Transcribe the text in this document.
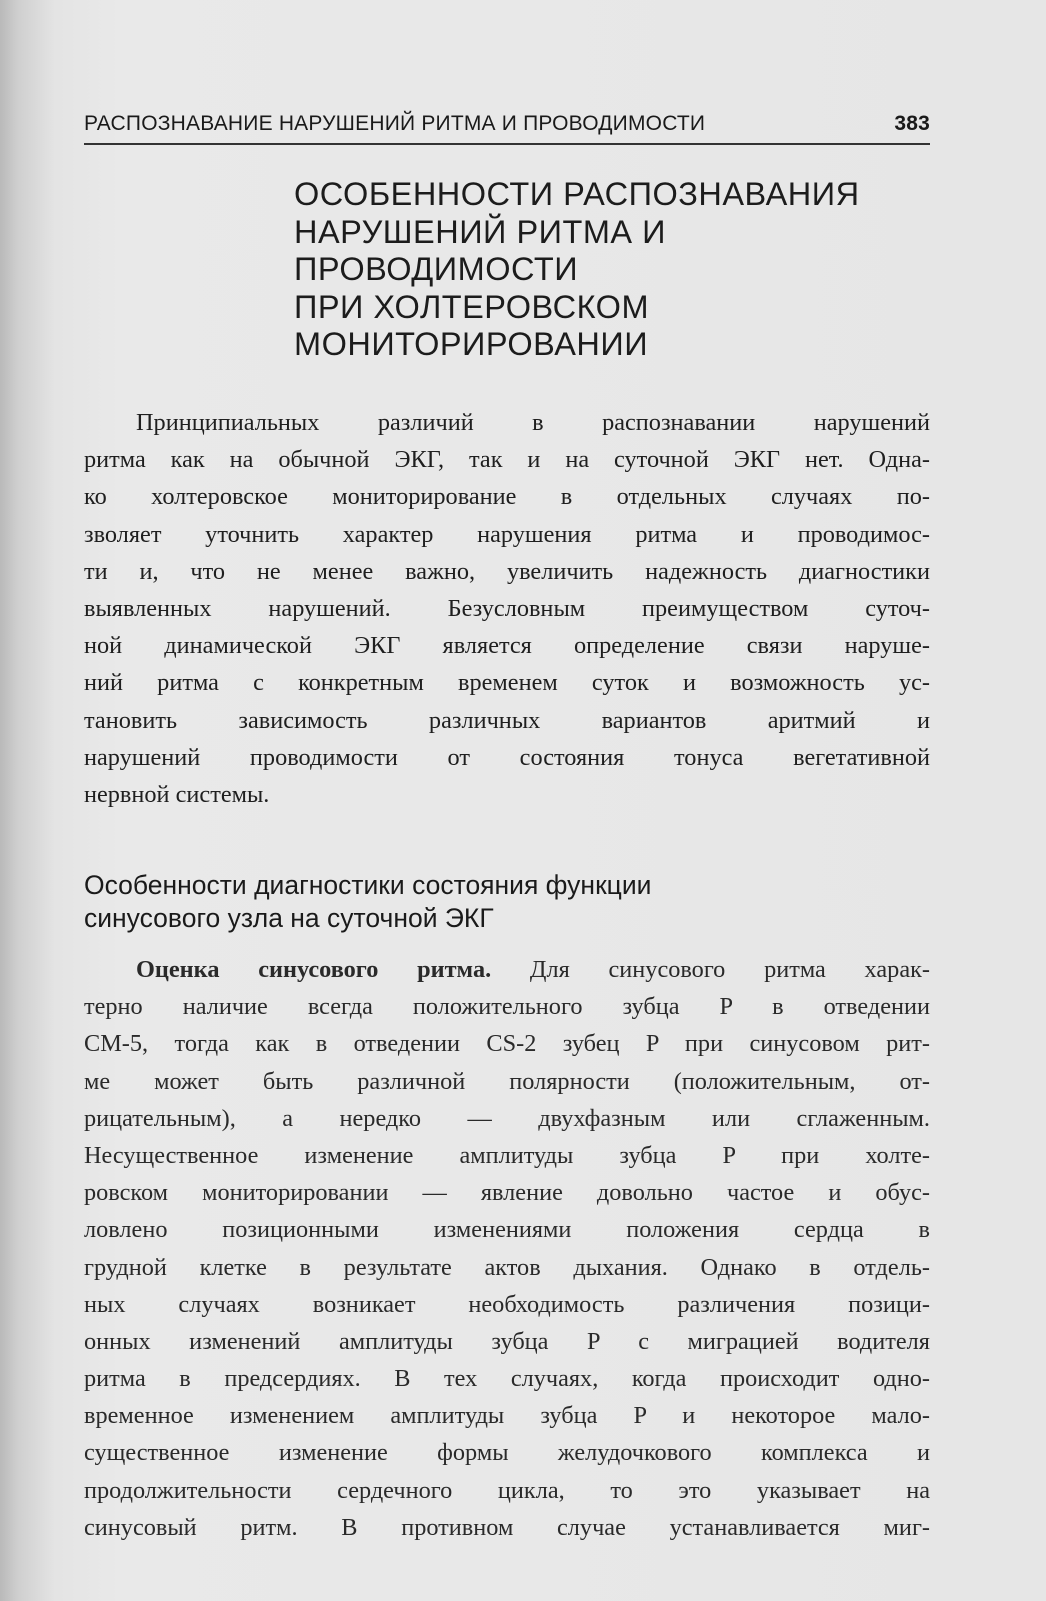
РАСПОЗНАВАНИЕ НАРУШЕНИЙ РИТМА И ПРОВОДИМОСТИ	383
ОСОБЕННОСТИ РАСПОЗНАВАНИЯ
НАРУШЕНИЙ РИТМА И
ПРОВОДИМОСТИ
ПРИ ХОЛТЕРОВСКОМ
МОНИТОРИРОВАНИИ
Принципиальных различий в распознавании нарушений
ритма как на обычной ЭКГ, так и на суточной ЭКГ нет. Одна-
ко холтеровское мониторирование в отдельных случаях по-
зволяет уточнить характер нарушения ритма и проводимос-
ти и, что не менее важно, увеличить надежность диагностики
выявленных нарушений. Безусловным преимуществом суточ-
ной динамической ЭКГ является определение связи наруше-
ний ритма с конкретным временем суток и возможность ус-
тановить зависимость различных вариантов аритмий и
нарушений проводимости от состояния тонуса вегетативной
нервной системы.
Особенности диагностики состояния функции
синусового узла на суточной ЭКГ
Оценка синусового ритма. Для синусового ритма харак-
терно наличие всегда положительного зубца P в отведении
CM-5, тогда как в отведении CS-2 зубец P при синусовом рит-
ме может быть различной полярности (положительным, от-
рицательным), а нередко — двухфазным или сглаженным.
Несущественное изменение амплитуды зубца P при холте-
ровском мониторировании — явление довольно частое и обус-
ловлено позиционными изменениями положения сердца в
грудной клетке в результате актов дыхания. Однако в отдель-
ных случаях возникает необходимость различения позици-
онных изменений амплитуды зубца P с миграцией водителя
ритма в предсердиях. В тех случаях, когда происходит одно-
временное изменением амплитуды зубца P и некоторое мало-
существенное изменение формы желудочкового комплекса и
продолжительности сердечного цикла, то это указывает на
синусовый ритм. В противном случае устанавливается миг-
